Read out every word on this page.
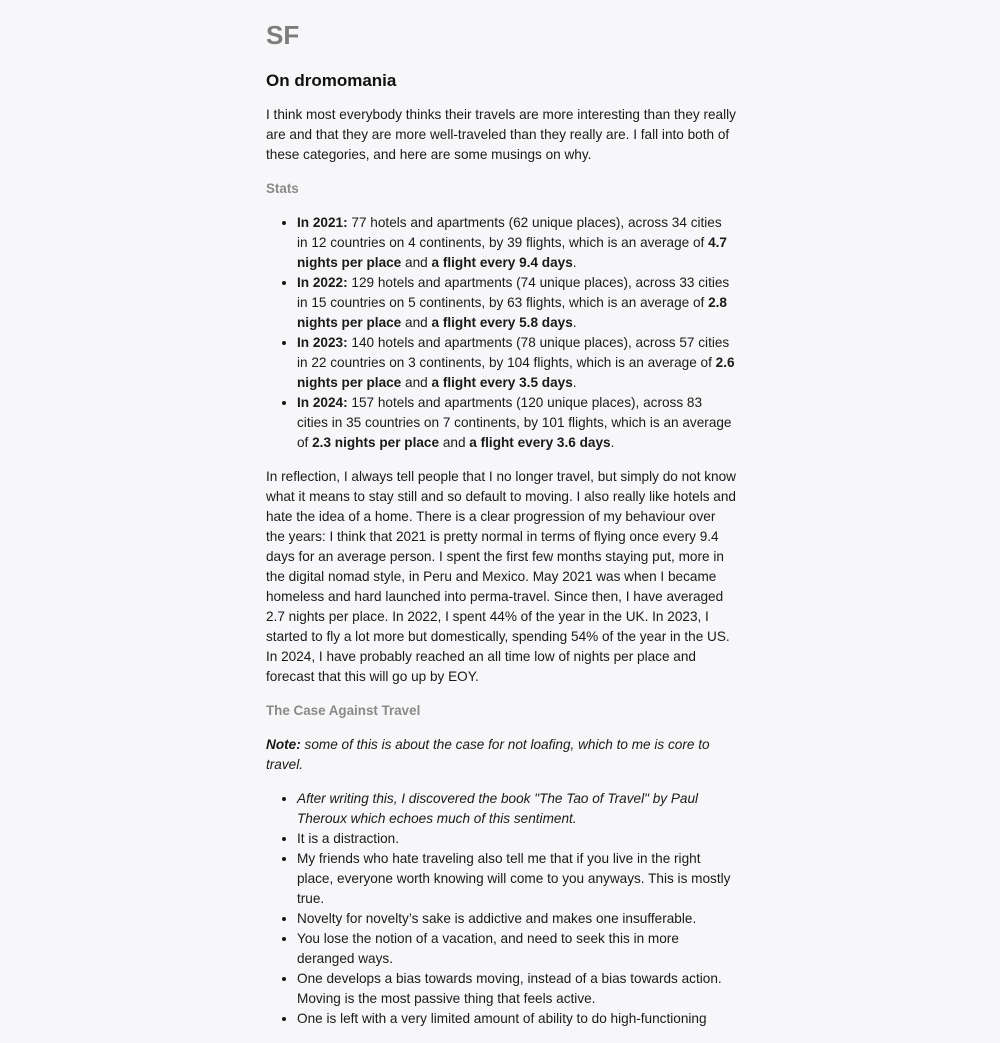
SF
On dromomania

I think most everybody thinks their travels are more interesting than they really are and that they are more well-traveled than they really are. I fall into both of these categories, and here are some musings on why.

Stats
• In 2021: 77 hotels and apartments (62 unique places), across 34 cities in 12 countries on 4 continents, by 39 flights, which is an average of 4.7 nights per place and a flight every 9.4 days.
• In 2022: 129 hotels and apartments (74 unique places), across 33 cities in 15 countries on 5 continents, by 63 flights, which is an average of 2.8 nights per place and a flight every 5.8 days.
• In 2023: 140 hotels and apartments (78 unique places), across 57 cities in 22 countries on 3 continents, by 104 flights, which is an average of 2.6 nights per place and a flight every 3.5 days.
• In 2024: 157 hotels and apartments (120 unique places), across 83 cities in 35 countries on 7 continents, by 101 flights, which is an average of 2.3 nights per place and a flight every 3.6 days.

In reflection, I always tell people that I no longer travel, but simply do not know what it means to stay still and so default to moving. I also really like hotels and hate the idea of a home. There is a clear progression of my behaviour over the years: I think that 2021 is pretty normal in terms of flying once every 9.4 days for an average person. I spent the first few months staying put, more in the digital nomad style, in Peru and Mexico. May 2021 was when I became homeless and hard launched into perma-travel. Since then, I have averaged 2.7 nights per place. In 2022, I spent 44% of the year in the UK. In 2023, I started to fly a lot more but domestically, spending 54% of the year in the US. In 2024, I have probably reached an all time low of nights per place and forecast that this will go up by EOY.

The Case Against Travel

Note: some of this is about the case for not loafing, which to me is core to travel.

• After writing this, I discovered the book "The Tao of Travel" by Paul Theroux which echoes much of this sentiment.
• It is a distraction.
• My friends who hate traveling also tell me that if you live in the right place, everyone worth knowing will come to you anyways. This is mostly true.
• Novelty for novelty’s sake is addictive and makes one insufferable.
• You lose the notion of a vacation, and need to seek this in more deranged ways.
• One develops a bias towards moving, instead of a bias towards action. Moving is the most passive thing that feels active.
• One is left with a very limited amount of ability to do high-functioning
